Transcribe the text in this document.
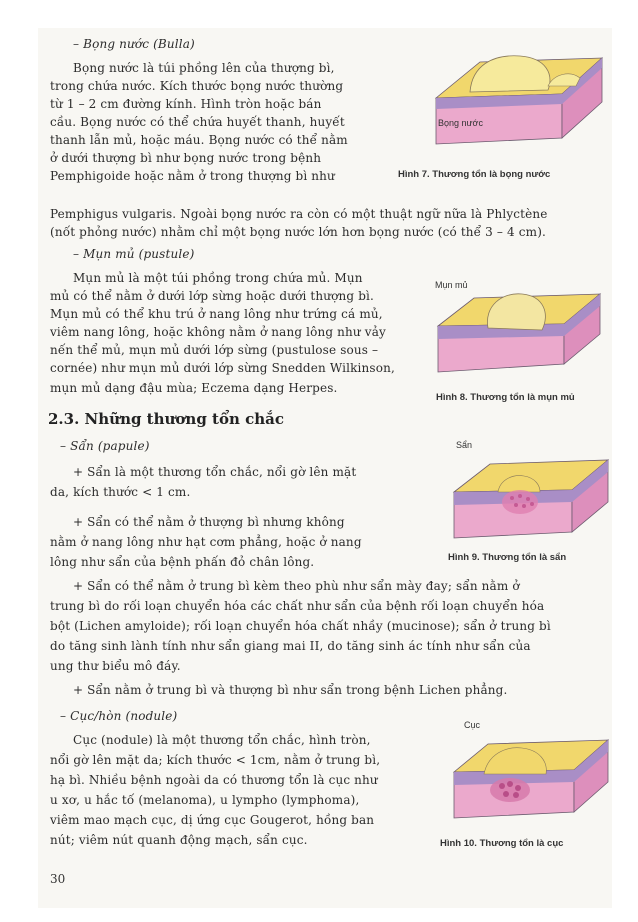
– Bọng nước (Bulla)

Bọng nước là túi phồng lên của thượng bì,

trong chứa nước. Kích thước bọng nước thường

từ 1 – 2 cm đường kính. Hình tròn hoặc bán

cầu. Bọng nước có thể chứa huyết thanh, huyết

thanh lẫn mủ, hoặc máu. Bọng nước có thể nằm

ở dưới thượng bì như bọng nước trong bệnh

Pemphigoide hoặc nằm ở trong thượng bì như

Pemphigus vulgaris. Ngoài bọng nước ra còn có một thuật ngữ nữa là Phlyctène

(nốt phỏng nước) nhằm chỉ một bọng nước lớn hơn bọng nước (có thể 3 – 4 cm).

Bọng nước

Hình 7. Thương tổn là bọng nước

– Mụn mủ (pustule)

Mụn mủ là một túi phồng trong chứa mủ. Mụn

mủ có thể nằm ở dưới lớp sừng hoặc dưới thượng bì.

Mụn mủ có thể khu trú ở nang lông như trứng cá mủ,

viêm nang lông, hoặc không nằm ở nang lông như vảy

nến thể mủ, mụn mủ dưới lớp sừng (pustulose sous –

cornée) như mụn mủ dưới lớp sừng Snedden Wilkinson,

mụn mủ dạng đậu mùa; Eczema dạng Herpes.

Mụn mủ

Hình 8. Thương tổn là mụn mủ

2.3. Những thương tổn chắc

– Sẩn (papule)

+ Sẩn là một thương tổn chắc, nổi gờ lên mặt

da, kích thước < 1 cm.

+ Sẩn có thể nằm ở thượng bì nhưng không

nằm ở nang lông như hạt cơm phẳng, hoặc ở nang

lông như sẩn của bệnh phấn đỏ chân lông.

+ Sẩn có thể nằm ở trung bì kèm theo phù như sẩn mày đay; sẩn nằm ở

trung bì do rối loạn chuyển hóa các chất như sẩn của bệnh rối loạn chuyển hóa

bột (Lichen amyloide); rối loạn chuyển hóa chất nhầy (mucinose); sẩn ở trung bì

do tăng sinh lành tính như sẩn giang mai II, do tăng sinh ác tính như sẩn của

ung thư biểu mô đáy.

+ Sẩn nằm ở trung bì và thượng bì như sẩn trong bệnh Lichen phẳng.

Sẩn

Hình 9. Thương tổn là sẩn

– Cục/hòn (nodule)

Cục (nodule) là một thương tổn chắc, hình tròn,

nổi gờ lên mặt da; kích thước < 1cm, nằm ở trung bì,

hạ bì. Nhiều bệnh ngoài da có thương tổn là cục như

u xơ, u hắc tố (melanoma), u lympho (lymphoma),

viêm mao mạch cục, dị ứng cục Gougerot, hồng ban

nút; viêm nút quanh động mạch, sẩn cục.

Cục

Hình 10. Thương tổn là cục

30
